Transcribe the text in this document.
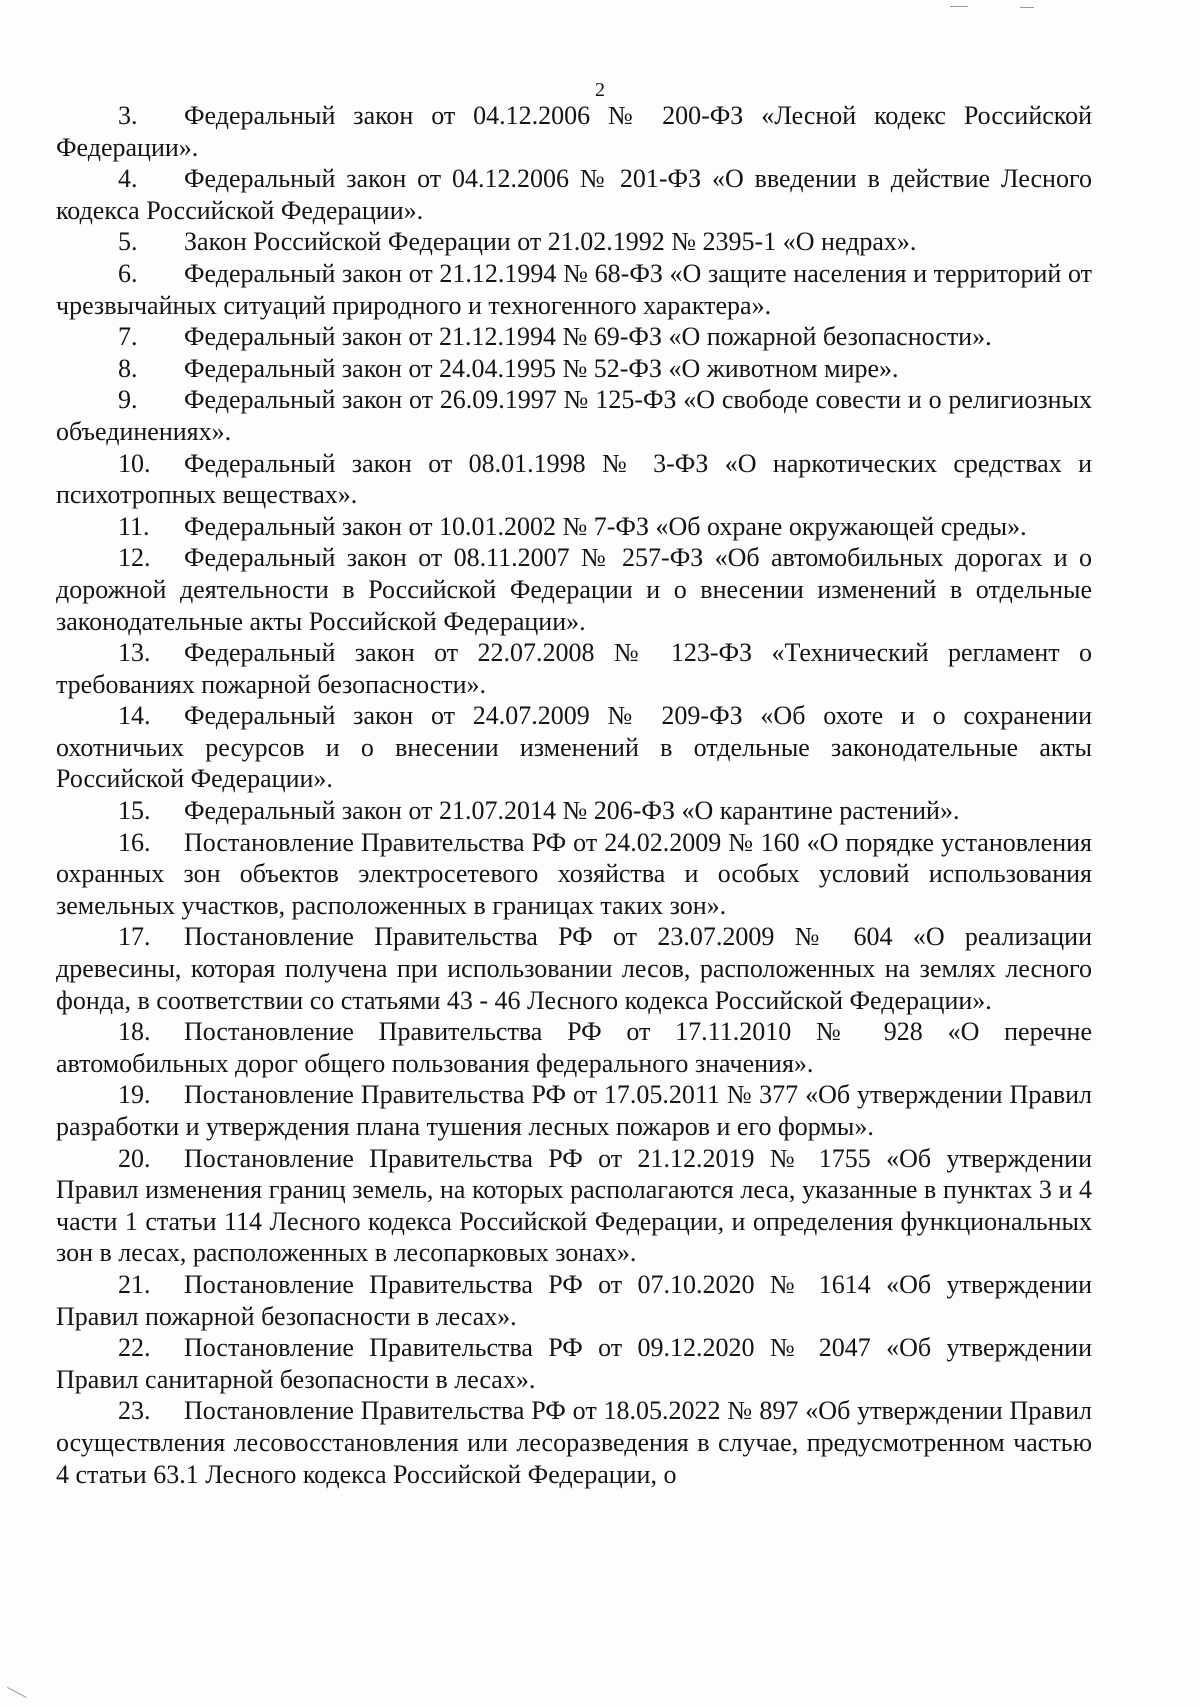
2

3. Федеральный закон от 04.12.2006 № 200-ФЗ «Лесной кодекс Российской Федерации».

4. Федеральный закон от 04.12.2006 № 201-ФЗ «О введении в действие Лесного кодекса Российской Федерации».

5. Закон Российской Федерации от 21.02.1992 № 2395-1 «О недрах».

6. Федеральный закон от 21.12.1994 № 68-ФЗ «О защите населения и территорий от чрезвычайных ситуаций природного и техногенного характера».

7. Федеральный закон от 21.12.1994 № 69-ФЗ «О пожарной безопасности».

8. Федеральный закон от 24.04.1995 № 52-ФЗ «О животном мире».

9. Федеральный закон от 26.09.1997 № 125-ФЗ «О свободе совести и о религиозных объединениях».

10. Федеральный закон от 08.01.1998 № 3-ФЗ «О наркотических средствах и психотропных веществах».

11. Федеральный закон от 10.01.2002 № 7-ФЗ «Об охране окружающей среды».

12. Федеральный закон от 08.11.2007 № 257-ФЗ «Об автомобильных дорогах и о дорожной деятельности в Российской Федерации и о внесении изменений в отдельные законодательные акты Российской Федерации».

13. Федеральный закон от 22.07.2008 № 123-ФЗ «Технический регламент о требованиях пожарной безопасности».

14. Федеральный закон от 24.07.2009 № 209-ФЗ «Об охоте и о сохранении охотничьих ресурсов и о внесении изменений в отдельные законодательные акты Российской Федерации».

15. Федеральный закон от 21.07.2014 № 206-ФЗ «О карантине растений».

16. Постановление Правительства РФ от 24.02.2009 № 160 «О порядке установления охранных зон объектов электросетевого хозяйства и особых условий использования земельных участков, расположенных в границах таких зон».

17. Постановление Правительства РФ от 23.07.2009 № 604 «О реализации древесины, которая получена при использовании лесов, расположенных на землях лесного фонда, в соответствии со статьями 43 - 46 Лесного кодекса Российской Федерации».

18. Постановление Правительства РФ от 17.11.2010 № 928 «О перечне автомобильных дорог общего пользования федерального значения».

19. Постановление Правительства РФ от 17.05.2011 № 377 «Об утверждении Правил разработки и утверждения плана тушения лесных пожаров и его формы».

20. Постановление Правительства РФ от 21.12.2019 № 1755 «Об утверждении Правил изменения границ земель, на которых располагаются леса, указанные в пунктах 3 и 4 части 1 статьи 114 Лесного кодекса Российской Федерации, и определения функциональных зон в лесах, расположенных в лесопарковых зонах».

21. Постановление Правительства РФ от 07.10.2020 № 1614 «Об утверждении Правил пожарной безопасности в лесах».

22. Постановление Правительства РФ от 09.12.2020 № 2047 «Об утверждении Правил санитарной безопасности в лесах».

23. Постановление Правительства РФ от 18.05.2022 № 897 «Об утверждении Правил осуществления лесовосстановления или лесоразведения в случае, предусмотренном частью 4 статьи 63.1 Лесного кодекса Российской Федерации, о
